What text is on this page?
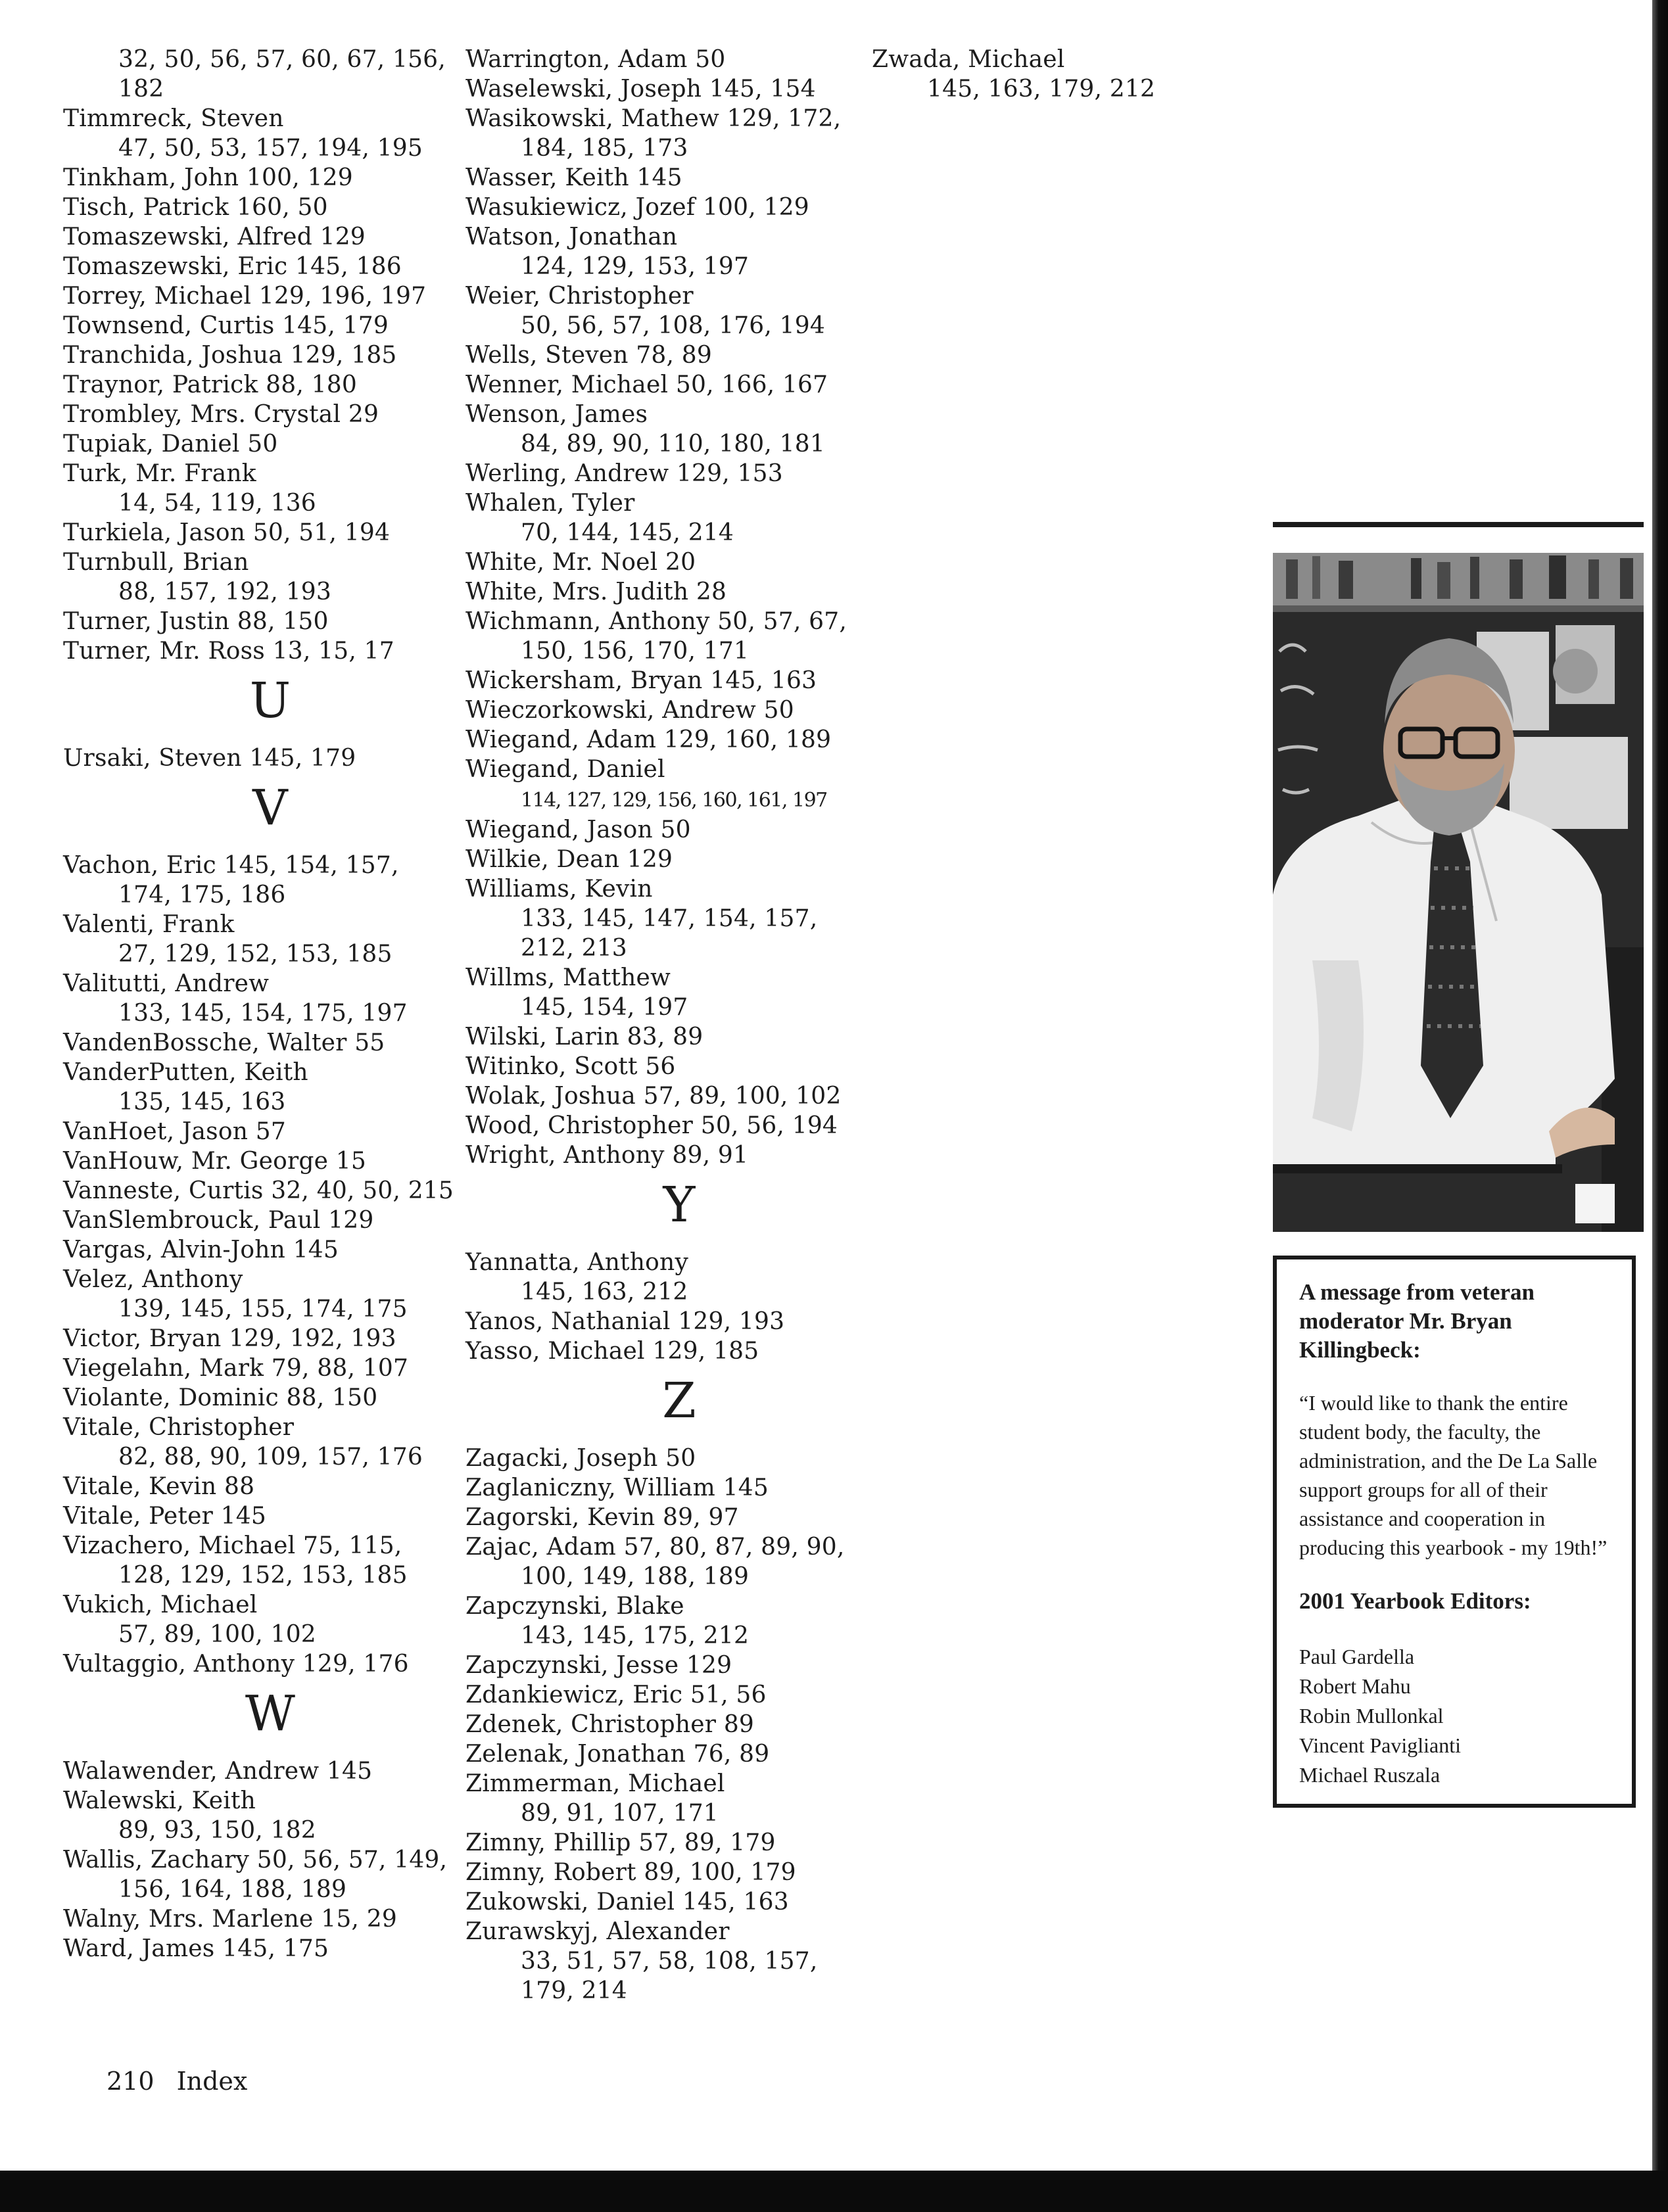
32, 50, 56, 57, 60, 67, 156, 182

Timmreck, Steven
47, 50, 53, 157, 194, 195

Tinkham, John 100, 129

Tisch, Patrick 160, 50

Tomaszewski, Alfred 129

Tomaszewski, Eric 145, 186

Torrey, Michael 129, 196, 197

Townsend, Curtis 145, 179

Tranchida, Joshua 129, 185

Traynor, Patrick 88, 180

Trombley, Mrs. Crystal 29

Tupiak, Daniel 50

Turk, Mr. Frank
14, 54, 119, 136

Turkiela, Jason 50, 51, 194

Turnbull, Brian
88, 157, 192, 193

Turner, Justin 88, 150

Turner, Mr. Ross 13, 15, 17

U

Ursaki, Steven 145, 179

V

Vachon, Eric 145, 154, 157, 174, 175, 186

Valenti, Frank
27, 129, 152, 153, 185

Valitutti, Andrew
133, 145, 154, 175, 197

VandenBossche, Walter 55

VanderPutten, Keith
135, 145, 163

VanHoet, Jason 57

VanHouw, Mr. George 15

Vanneste, Curtis 32, 40, 50, 215

VanSlembrouck, Paul 129

Vargas, Alvin-John 145

Velez, Anthony
139, 145, 155, 174, 175

Victor, Bryan 129, 192, 193

Viegelahn, Mark 79, 88, 107

Violante, Dominic 88, 150

Vitale, Christopher
82, 88, 90, 109, 157, 176

Vitale, Kevin 88

Vitale, Peter 145

Vizachero, Michael 75, 115, 128, 129, 152, 153, 185

Vukich, Michael
57, 89, 100, 102

Vultaggio, Anthony 129, 176

W

Walawender, Andrew 145

Walewski, Keith
89, 93, 150, 182

Wallis, Zachary 50, 56, 57, 149, 156, 164, 188, 189

Walny, Mrs. Marlene 15, 29

Ward, James 145, 175

Warrington, Adam 50

Waselewski, Joseph 145, 154

Wasikowski, Mathew 129, 172, 184, 185, 173

Wasser, Keith 145

Wasukiewicz, Jozef 100, 129

Watson, Jonathan
124, 129, 153, 197

Weier, Christopher
50, 56, 57, 108, 176, 194

Wells, Steven 78, 89

Wenner, Michael 50, 166, 167

Wenson, James
84, 89, 90, 110, 180, 181

Werling, Andrew 129, 153

Whalen, Tyler
70, 144, 145, 214

White, Mr. Noel 20

White, Mrs. Judith 28

Wichmann, Anthony 50, 57, 67, 150, 156, 170, 171

Wickersham, Bryan 145, 163

Wieczorkowski, Andrew 50

Wiegand, Adam 129, 160, 189

Wiegand, Daniel
114, 127, 129, 156, 160, 161, 197

Wiegand, Jason 50

Wilkie, Dean 129

Williams, Kevin
133, 145, 147, 154, 157, 212, 213

Willms, Matthew
145, 154, 197

Wilski, Larin 83, 89

Witinko, Scott 56

Wolak, Joshua 57, 89, 100, 102

Wood, Christopher 50, 56, 194

Wright, Anthony 89, 91

Y

Yannatta, Anthony
145, 163, 212

Yanos, Nathanial 129, 193

Yasso, Michael 129, 185

Z

Zagacki, Joseph 50

Zaglaniczny, William 145

Zagorski, Kevin 89, 97

Zajac, Adam 57, 80, 87, 89, 90, 100, 149, 188, 189

Zapczynski, Blake
143, 145, 175, 212

Zapczynski, Jesse 129

Zdankiewicz, Eric 51, 56

Zdenek, Christopher 89

Zelenak, Jonathan 76, 89

Zimmerman, Michael
89, 91, 107, 171

Zimny, Phillip 57, 89, 179

Zimny, Robert 89, 100, 179

Zukowski, Daniel 145, 163

Zurawskyj, Alexander
33, 51, 57, 58, 108, 157, 179, 214

Zwada, Michael
145, 163, 179, 212

210 Index

A message from veteran moderator Mr. Bryan Killingbeck:

“I would like to thank the entire student body, the faculty, the administration, and the De La Salle support groups for all of their assistance and cooperation in producing this yearbook - my 19th!”

2001 Yearbook Editors:

Paul Gardella

Robert Mahu

Robin Mullonkal

Vincent Paviglianti

Michael Ruszala
